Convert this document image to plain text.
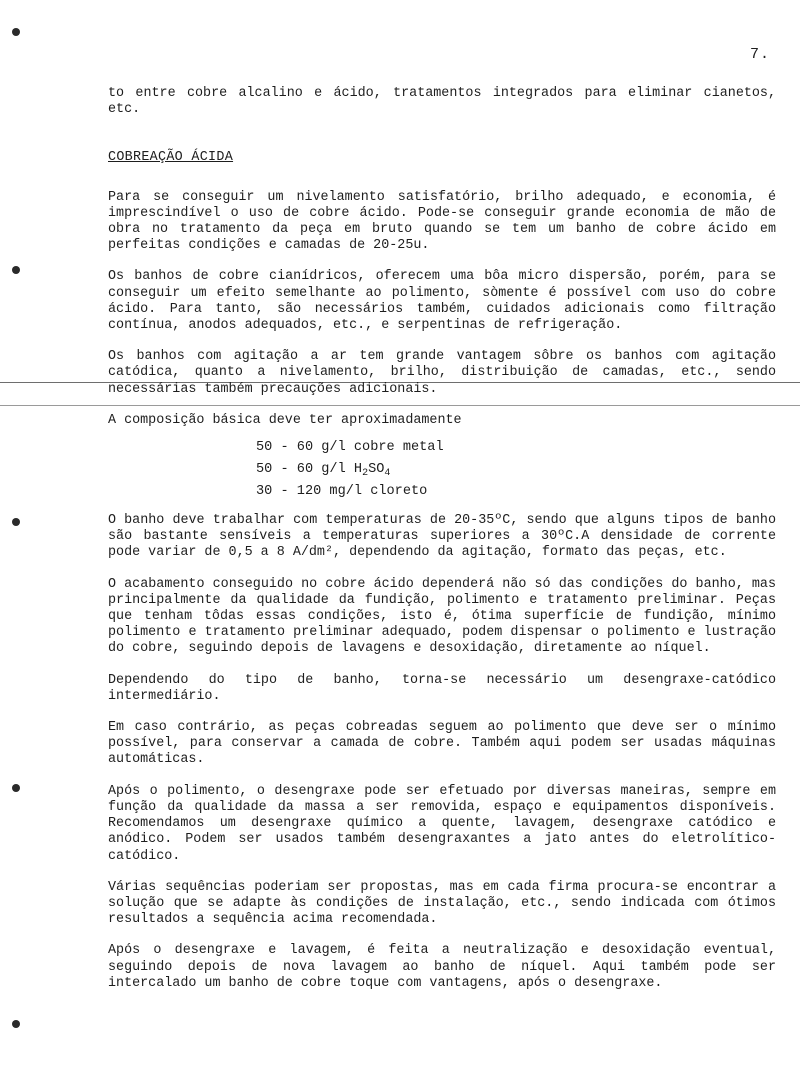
7.

to entre cobre alcalino e ácido, tratamentos integrados para eliminar cianetos, etc.

COBREAÇÃO ÁCIDA

Para se conseguir um nivelamento satisfatório, brilho adequado, e economia, é imprescindível o uso de cobre ácido. Pode-se conseguir grande economia de mão de obra no tratamento da peça em bruto quando se tem um banho de cobre ácido em perfeitas condições e camadas de 20-25u.

Os banhos de cobre cianídricos, oferecem uma bôa micro dispersão, porém, para se conseguir um efeito semelhante ao polimento, sòmente é possível com uso do cobre ácido. Para tanto, são necessários também, cuidados adicionais como filtração contínua, anodos adequados, etc., e serpentinas de refrigeração.

Os banhos com agitação a ar tem grande vantagem sôbre os banhos com agitação catódica, quanto a nivelamento, brilho, distribuição de camadas, etc., sendo necessárias também precauções adicionais.

A composição básica deve ter aproximadamente

50 - 60 g/l cobre metal
50 - 60 g/l $H_2SO_4$
30 - 120 mg/l cloreto

O banho deve trabalhar com temperaturas de 20-35ºC, sendo que alguns tipos de banho são bastante sensíveis a temperaturas superiores a 30ºC.A densidade de corrente pode variar de 0,5 a 8 A/dm², dependendo da agitação, formato das peças, etc.

O acabamento conseguido no cobre ácido dependerá não só das condições do banho, mas principalmente da qualidade da fundição, polimento e tratamento preliminar. Peças que tenham tôdas essas condições, isto é, ótima superfície de fundição, mínimo polimento e tratamento preliminar adequado, podem dispensar o polimento e lustração do cobre, seguindo depois de lavagens e desoxidação, diretamente ao níquel.

Dependendo do tipo de banho, torna-se necessário um desengraxe-catódico intermediário.

Em caso contrário, as peças cobreadas seguem ao polimento que deve ser o mínimo possível, para conservar a camada de cobre. Também aqui podem ser usadas máquinas automáticas.

Após o polimento, o desengraxe pode ser efetuado por diversas maneiras, sempre em função da qualidade da massa a ser removida, espaço e equipamentos disponíveis. Recomendamos um desengraxe químico a quente, lavagem, desengraxe catódico e anódico. Podem ser usados também desengraxantes a jato antes do eletrolítico-catódico.

Várias sequências poderiam ser propostas, mas em cada firma procura-se encontrar a solução que se adapte às condições de instalação, etc., sendo indicada com ótimos resultados a sequência acima recomendada.

Após o desengraxe e lavagem, é feita a neutralização e desoxidação eventual, seguindo depois de nova lavagem ao banho de níquel. Aqui também pode ser intercalado um banho de cobre toque com vantagens, após o desengraxe.
